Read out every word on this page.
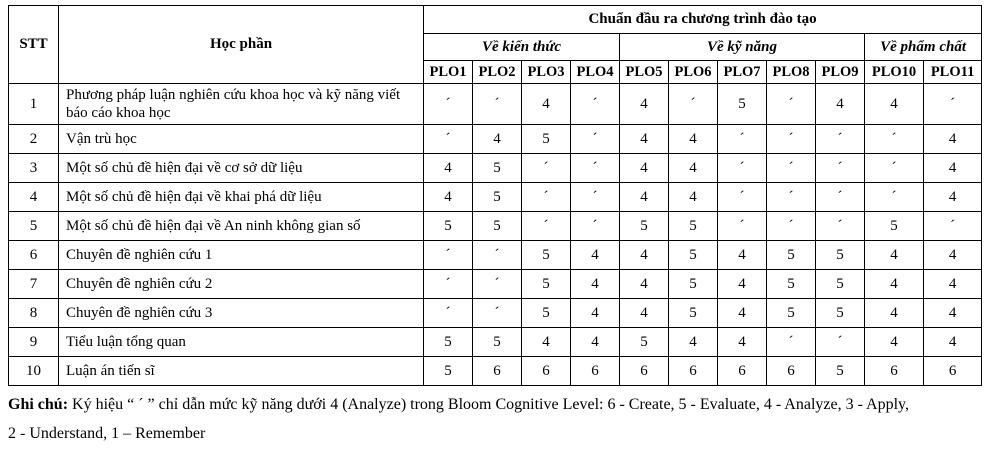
STT	Học phần	Chuẩn đầu ra chương trình đào tạo										
		Về kiến thức				Về kỹ năng					Về phẩm chất	
		PLO1	PLO2	PLO3	PLO4	PLO5	PLO6	PLO7	PLO8	PLO9	PLO10	PLO11
1	Phương pháp luận nghiên cứu khoa học và kỹ năng viết báo cáo khoa học	´	´	4	´	4	´	5	´	4	4	´
2	Vận trù học	´	4	5	´	4	4	´	´	´	´	4
3	Một số chủ đề hiện đại về cơ sở dữ liệu	4	5	´	´	4	4	´	´	´	´	4
4	Một số chủ đề hiện đại về khai phá dữ liệu	4	5	´	´	4	4	´	´	´	´	4
5	Một số chủ đề hiện đại về An ninh không gian số	5	5	´	´	5	5	´	´	´	5	´
6	Chuyên đề nghiên cứu 1	´	´	5	4	4	5	4	5	5	4	4
7	Chuyên đề nghiên cứu 2	´	´	5	4	4	5	4	5	5	4	4
8	Chuyên đề nghiên cứu 3	´	´	5	4	4	5	4	5	5	4	4
9	Tiểu luận tổng quan	5	5	4	4	5	4	4	´	´	4	4
10	Luận án tiến sĩ	5	6	6	6	6	6	6	6	5	6	6
Ghi chú: Ký hiệu “ ´ ” chỉ dẫn mức kỹ năng dưới 4 (Analyze) trong Bloom Cognitive Level: 6 - Create, 5 - Evaluate, 4 - Analyze, 3 - Apply,
2 - Understand, 1 – Remember
